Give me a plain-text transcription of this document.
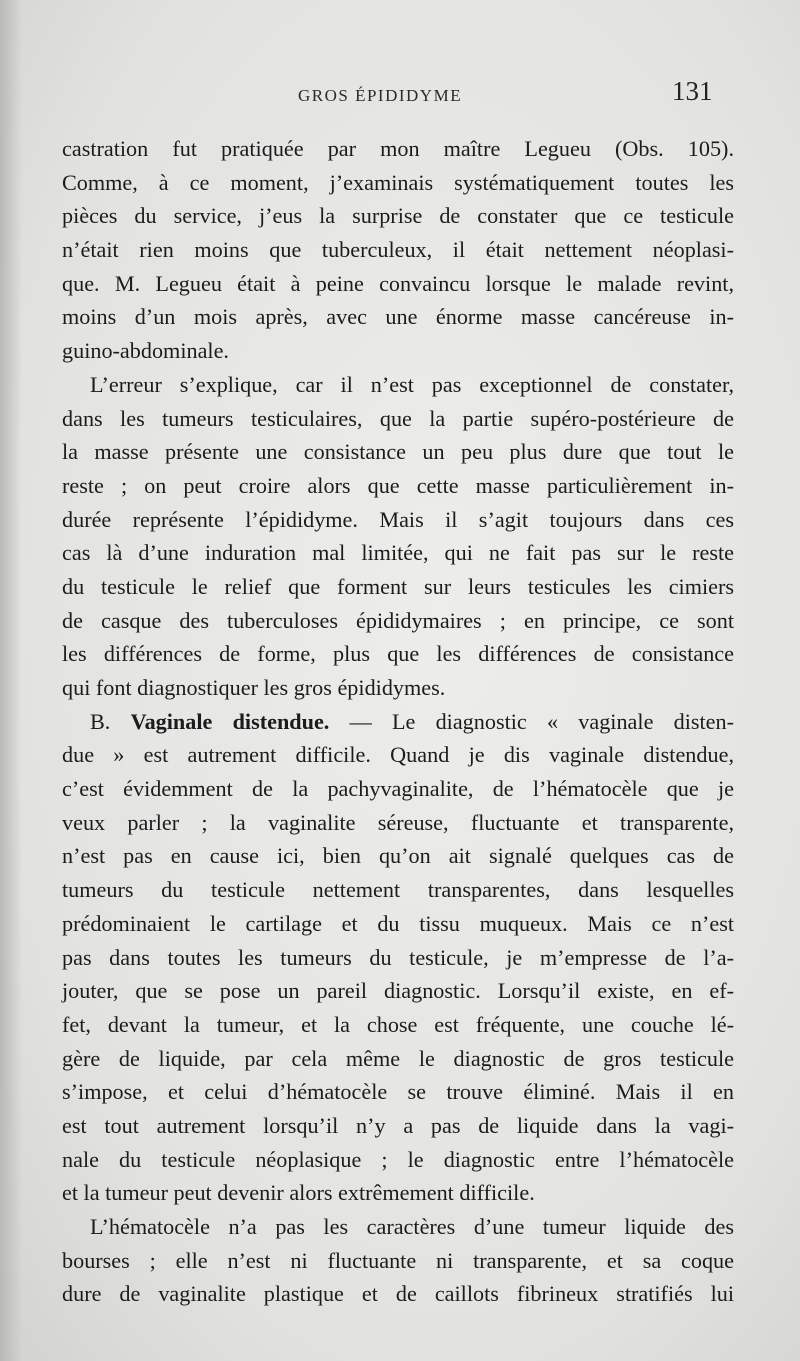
GROS ÉPIDIDYME	131
castration fut pratiquée par mon maître Legueu (Obs. 105).
Comme, à ce moment, j’examinais systématiquement toutes les
pièces du service, j’eus la surprise de constater que ce testicule
n’était rien moins que tuberculeux, il était nettement néoplasi-
que. M. Legueu était à peine convaincu lorsque le malade revint,
moins d’un mois après, avec une énorme masse cancéreuse in-
guino-abdominale.
L’erreur s’explique, car il n’est pas exceptionnel de constater,
dans les tumeurs testiculaires, que la partie supéro-postérieure de
la masse présente une consistance un peu plus dure que tout le
reste ; on peut croire alors que cette masse particulièrement in-
durée représente l’épididyme. Mais il s’agit toujours dans ces
cas là d’une induration mal limitée, qui ne fait pas sur le reste
du testicule le relief que forment sur leurs testicules les cimiers
de casque des tuberculoses épididymaires ; en principe, ce sont
les différences de forme, plus que les différences de consistance
qui font diagnostiquer les gros épididymes.
B. Vaginale distendue. — Le diagnostic « vaginale disten-
due » est autrement difficile. Quand je dis vaginale distendue,
c’est évidemment de la pachyvaginalite, de l’hématocèle que je
veux parler ; la vaginalite séreuse, fluctuante et transparente,
n’est pas en cause ici, bien qu’on ait signalé quelques cas de
tumeurs du testicule nettement transparentes, dans lesquelles
prédominaient le cartilage et du tissu muqueux. Mais ce n’est
pas dans toutes les tumeurs du testicule, je m’empresse de l’a-
jouter, que se pose un pareil diagnostic. Lorsqu’il existe, en ef-
fet, devant la tumeur, et la chose est fréquente, une couche lé-
gère de liquide, par cela même le diagnostic de gros testicule
s’impose, et celui d’hématocèle se trouve éliminé. Mais il en
est tout autrement lorsqu’il n’y a pas de liquide dans la vagi-
nale du testicule néoplasique ; le diagnostic entre l’hématocèle
et la tumeur peut devenir alors extrêmement difficile.
L’hématocèle n’a pas les caractères d’une tumeur liquide des
bourses ; elle n’est ni fluctuante ni transparente, et sa coque
dure de vaginalite plastique et de caillots fibrineux stratifiés lui
